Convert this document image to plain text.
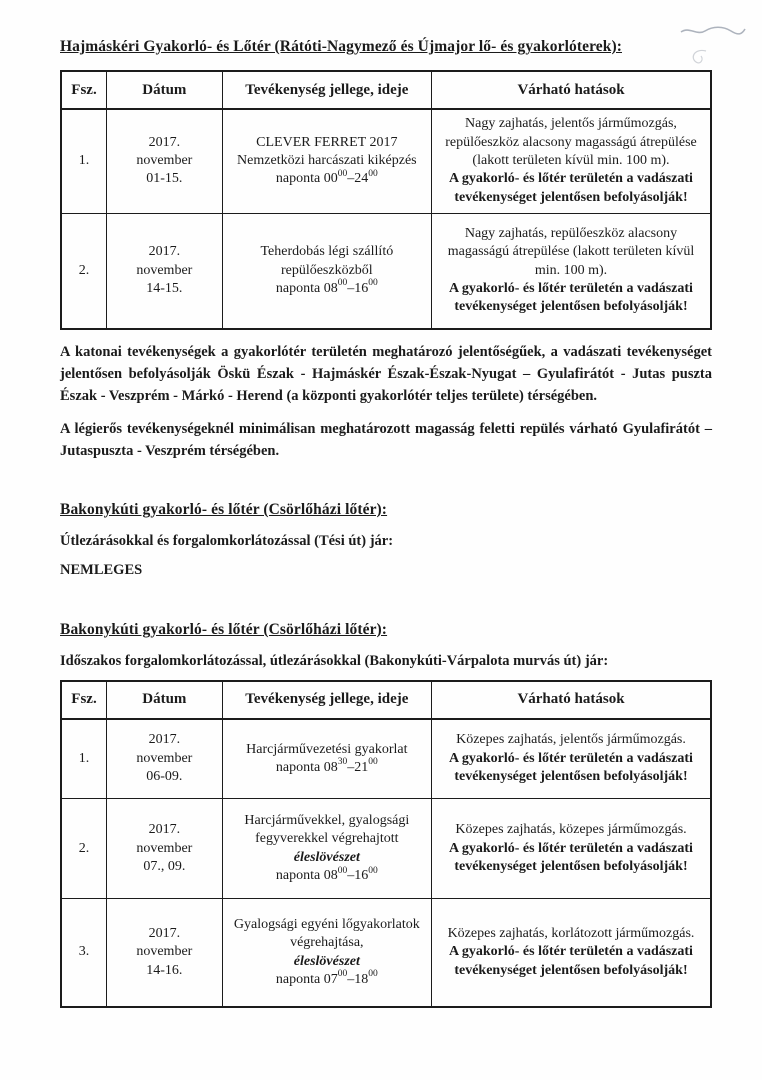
Hajmáskéri Gyakorló- és Lőtér (Rátóti-Nagymező és Újmajor lő- és gyakorlóterek):
Fsz.	Dátum	Tevékenység jellege, ideje	Várható hatások
1.	2017.
november
01-15.	CLEVER FERRET 2017 Nemzetközi harcászati kiképzés
naponta $00^{00}-24^{00}$	Nagy zajhatás, jelentős járműmozgás, repülőeszköz alacsony magasságú átrepülése (lakott területen kívül min. 100 m).
A gyakorló- és lőtér területén a vadászati tevékenységet jelentősen befolyásolják!

2.	2017.
november
14-15.	Teherdobás légi szállító repülőeszközből
naponta $08^{00}-16^{00}$	Nagy zajhatás, repülőeszköz alacsony magasságú átrepülése (lakott területen kívül min. 100 m).
A gyakorló- és lőtér területén a vadászati tevékenységet jelentősen befolyásolják!

A katonai tevékenységek a gyakorlótér területén meghatározó jelentőségűek, a vadászati tevékenységet jelentősen befolyásolják Öskü Észak - Hajmáskér Észak-Észak-Nyugat – Gyulafirátót - Jutas puszta Észak - Veszprém - Márkó - Herend (a központi gyakorlótér teljes területe) térségében.

A légierős tevékenységeknél minimálisan meghatározott magasság feletti repülés várható Gyulafirátót – Jutaspuszta - Veszprém térségében.

Bakonykúti gyakorló- és lőtér (Csörlőházi lőtér):
Útlezárásokkal és forgalomkorlátozással (Tési út) jár:
NEMLEGES
Bakonykúti gyakorló- és lőtér (Csörlőházi lőtér):
Időszakos forgalomkorlátozással, útlezárásokkal (Bakonykúti-Várpalota murvás út) jár:
Fsz.	Dátum	Tevékenység jellege, ideje	Várható hatások
1.	2017.
november
06-09.	Harcjárművezetési gyakorlat
naponta $08^{30}-21^{00}$	Közepes zajhatás, jelentős járműmozgás.
A gyakorló- és lőtér területén a vadászati tevékenységet jelentősen befolyásolják!

2.	2017.
november
07., 09.	Harcjárművekkel, gyalogsági fegyverekkel végrehajtott éleslövészet
naponta $08^{00}-16^{00}$	Közepes zajhatás, közepes járműmozgás.
A gyakorló- és lőtér területén a vadászati tevékenységet jelentősen befolyásolják!

3.	2017.
november
14-16.	Gyalogsági egyéni lőgyakorlatok végrehajtása,
éleslövészet
naponta $07^{00}-18^{00}$	Közepes zajhatás, korlátozott járműmozgás.
A gyakorló- és lőtér területén a vadászati tevékenységet jelentősen befolyásolják!
